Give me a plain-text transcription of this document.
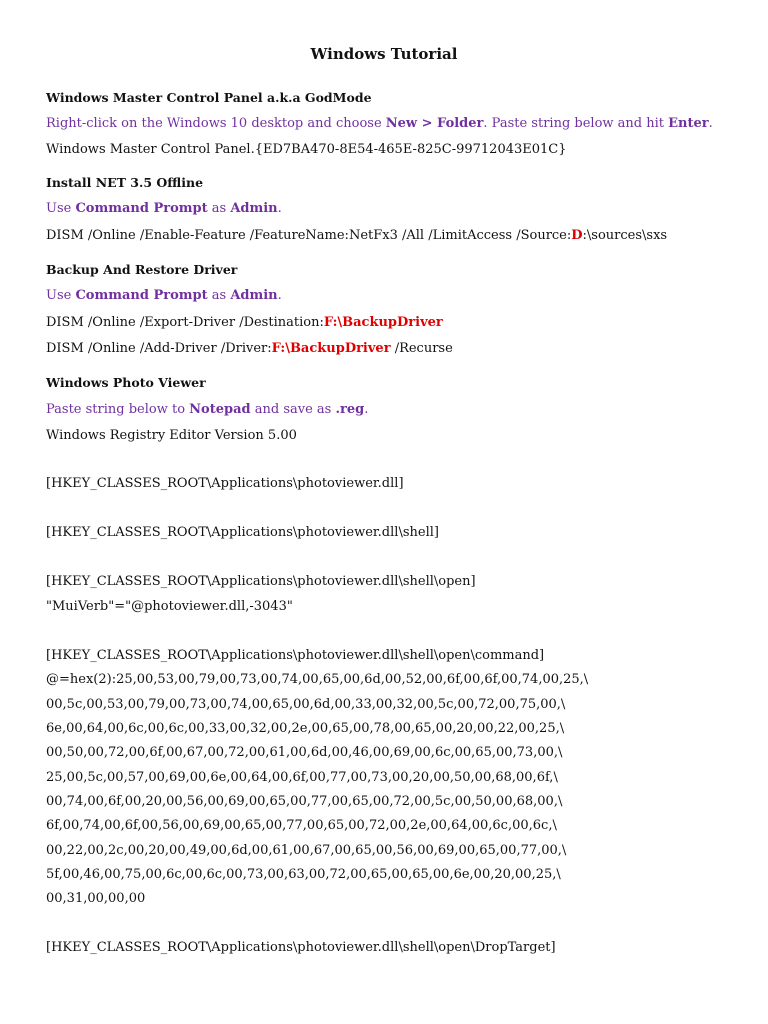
Windows Tutorial
Windows Master Control Panel a.k.a GodMode
Right-click on the Windows 10 desktop and choose New > Folder. Paste string below and hit Enter.
Windows Master Control Panel.{ED7BA470-8E54-465E-825C-99712043E01C}
Install NET 3.5 Offline
Use Command Prompt as Admin.
DISM /Online /Enable-Feature /FeatureName:NetFx3 /All /LimitAccess /Source:D:\sources\sxs
Backup And Restore Driver
Use Command Prompt as Admin.
DISM /Online /Export-Driver /Destination:F:\BackupDriver
DISM /Online /Add-Driver /Driver:F:\BackupDriver /Recurse
Windows Photo Viewer
Paste string below to Notepad and save as .reg.
Windows Registry Editor Version 5.00
[HKEY_CLASSES_ROOT\Applications\photoviewer.dll]
[HKEY_CLASSES_ROOT\Applications\photoviewer.dll\shell]
[HKEY_CLASSES_ROOT\Applications\photoviewer.dll\shell\open]
"MuiVerb"="@photoviewer.dll,-3043"
[HKEY_CLASSES_ROOT\Applications\photoviewer.dll\shell\open\command]
@=hex(2):25,00,53,00,79,00,73,00,74,00,65,00,6d,00,52,00,6f,00,6f,00,74,00,25,\
00,5c,00,53,00,79,00,73,00,74,00,65,00,6d,00,33,00,32,00,5c,00,72,00,75,00,\
6e,00,64,00,6c,00,6c,00,33,00,32,00,2e,00,65,00,78,00,65,00,20,00,22,00,25,\
00,50,00,72,00,6f,00,67,00,72,00,61,00,6d,00,46,00,69,00,6c,00,65,00,73,00,\
25,00,5c,00,57,00,69,00,6e,00,64,00,6f,00,77,00,73,00,20,00,50,00,68,00,6f,\
00,74,00,6f,00,20,00,56,00,69,00,65,00,77,00,65,00,72,00,5c,00,50,00,68,00,\
6f,00,74,00,6f,00,56,00,69,00,65,00,77,00,65,00,72,00,2e,00,64,00,6c,00,6c,\
00,22,00,2c,00,20,00,49,00,6d,00,61,00,67,00,65,00,56,00,69,00,65,00,77,00,\
5f,00,46,00,75,00,6c,00,6c,00,73,00,63,00,72,00,65,00,65,00,6e,00,20,00,25,\
00,31,00,00,00
[HKEY_CLASSES_ROOT\Applications\photoviewer.dll\shell\open\DropTarget]
